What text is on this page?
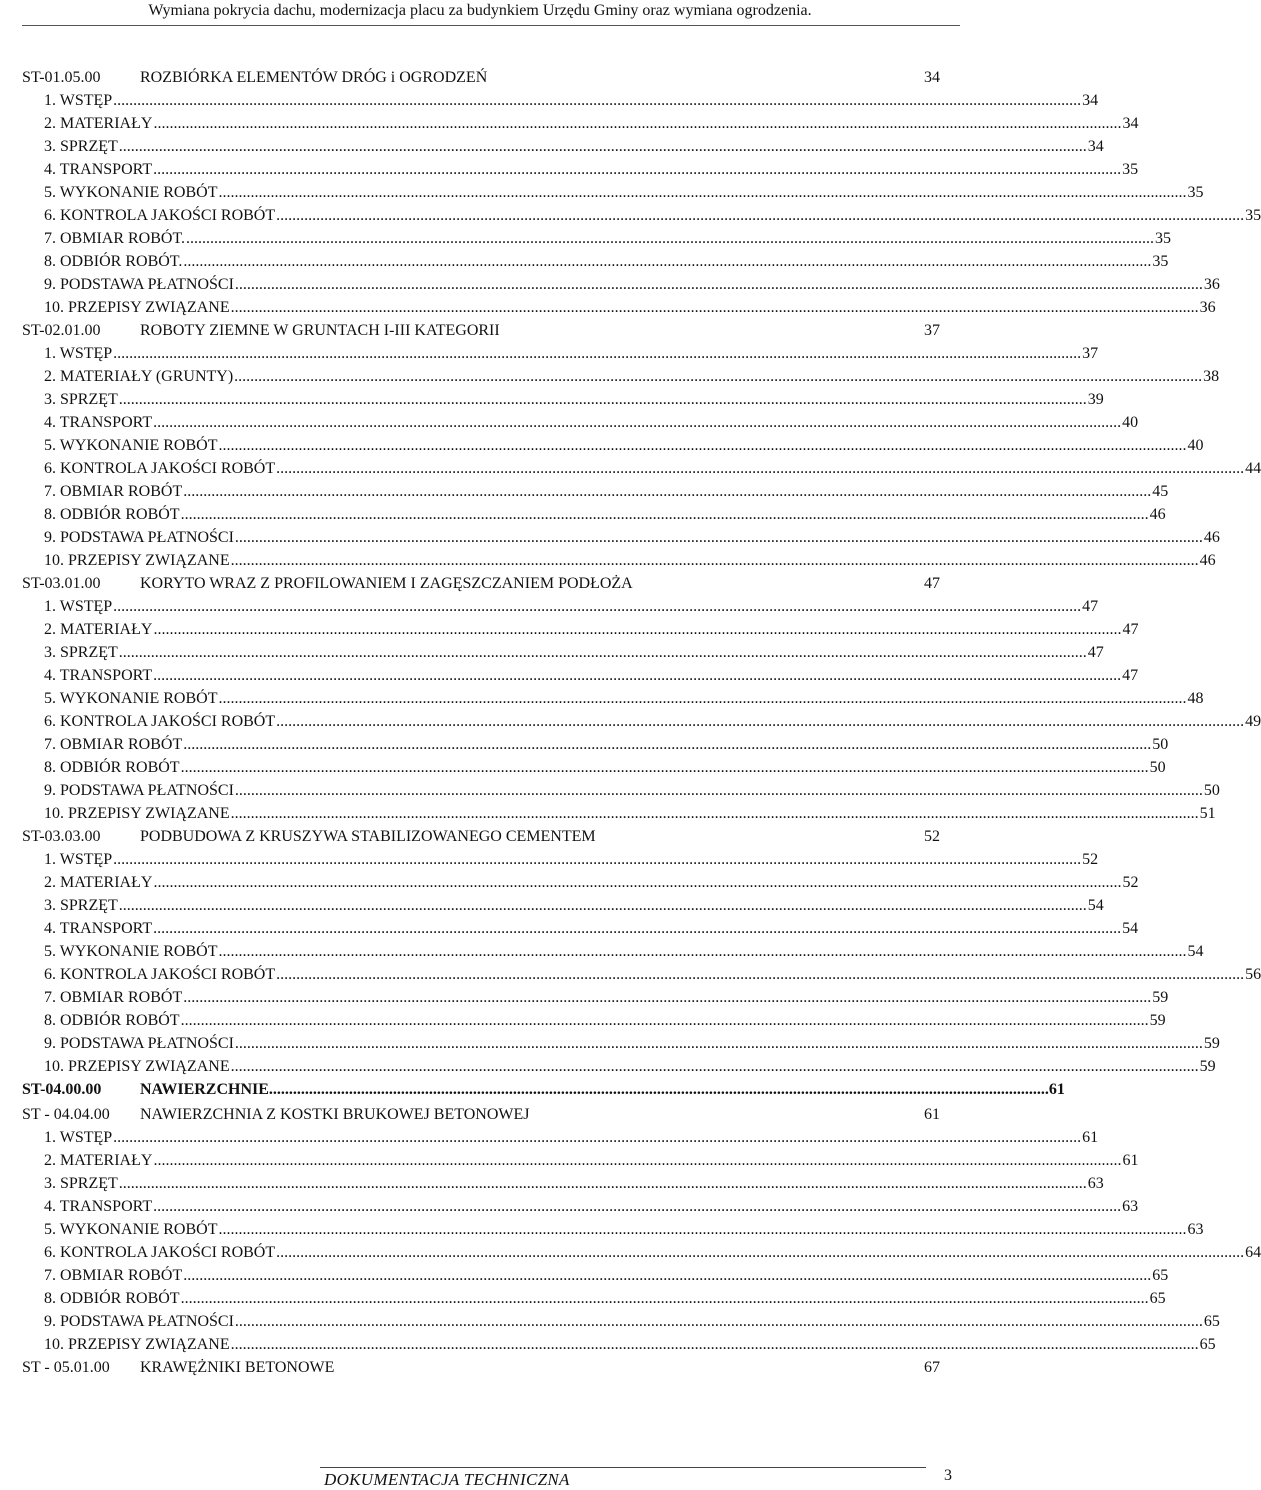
Wymiana pokrycia dachu, modernizacja placu za budynkiem Urzędu Gminy oraz wymiana ogrodzenia.
ST-01.05.00	ROZBIÓRKA ELEMENTÓW DRÓG i OGRODZEŃ	34
1. WSTĘP .....	34
2. MATERIAŁY .....	34
3. SPRZĘT .....	34
4. TRANSPORT .....	35
5. WYKONANIE ROBÓT .....	35
6. KONTROLA JAKOŚCI ROBÓT .....	35
7. OBMIAR ROBÓT. .....	35
8. ODBIÓR ROBÓT. .....	35
9. PODSTAWA PŁATNOŚCI .....	36
10. PRZEPISY ZWIĄZANE .....	36
ST-02.01.00	ROBOTY ZIEMNE W GRUNTACH I-III KATEGORII	37
1. WSTĘP .....	37
2. MATERIAŁY (GRUNTY) .....	38
3. SPRZĘT .....	39
4. TRANSPORT .....	40
5. WYKONANIE ROBÓT .....	40
6. KONTROLA JAKOŚCI ROBÓT .....	44
7. OBMIAR ROBÓT .....	45
8. ODBIÓR ROBÓT .....	46
9. PODSTAWA PŁATNOŚCI .....	46
10. PRZEPISY ZWIĄZANE .....	46
ST-03.01.00	KORYTO WRAZ Z PROFILOWANIEM I ZAGĘSZCZANIEM PODŁOŻA	47
1. WSTĘP .....	47
2. MATERIAŁY .....	47
3. SPRZĘT .....	47
4. TRANSPORT .....	47
5. WYKONANIE ROBÓT .....	48
6. KONTROLA JAKOŚCI ROBÓT .....	49
7. OBMIAR ROBÓT .....	50
8. ODBIÓR ROBÓT .....	50
9. PODSTAWA PŁATNOŚCI .....	50
10. PRZEPISY ZWIĄZANE .....	51
ST-03.03.00	PODBUDOWA Z KRUSZYWA STABILIZOWANEGO CEMENTEM	52
1. WSTĘP .....	52
2. MATERIAŁY .....	52
3. SPRZĘT .....	54
4. TRANSPORT .....	54
5. WYKONANIE ROBÓT .....	54
6. KONTROLA JAKOŚCI ROBÓT .....	56
7. OBMIAR ROBÓT .....	59
8. ODBIÓR ROBÓT .....	59
9. PODSTAWA PŁATNOŚCI .....	59
10. PRZEPISY ZWIĄZANE .....	59
ST-04.00.00	NAWIERZCHNIE ................................................................................................................................................................................................... 61
ST - 04.04.00	NAWIERZCHNIA Z KOSTKI BRUKOWEJ BETONOWEJ	61
1. WSTĘP .....	61
2. MATERIAŁY .....	61
3. SPRZĘT .....	63
4. TRANSPORT .....	63
5. WYKONANIE ROBÓT .....	63
6. KONTROLA JAKOŚCI ROBÓT .....	64
7. OBMIAR ROBÓT .....	65
8. ODBIÓR ROBÓT .....	65
9. PODSTAWA PŁATNOŚCI .....	65
10. PRZEPISY ZWIĄZANE .....	65
ST - 05.01.00	KRAWĘŻNIKI BETONOWE	67
DOKUMENTACJA TECHNICZNA	3
